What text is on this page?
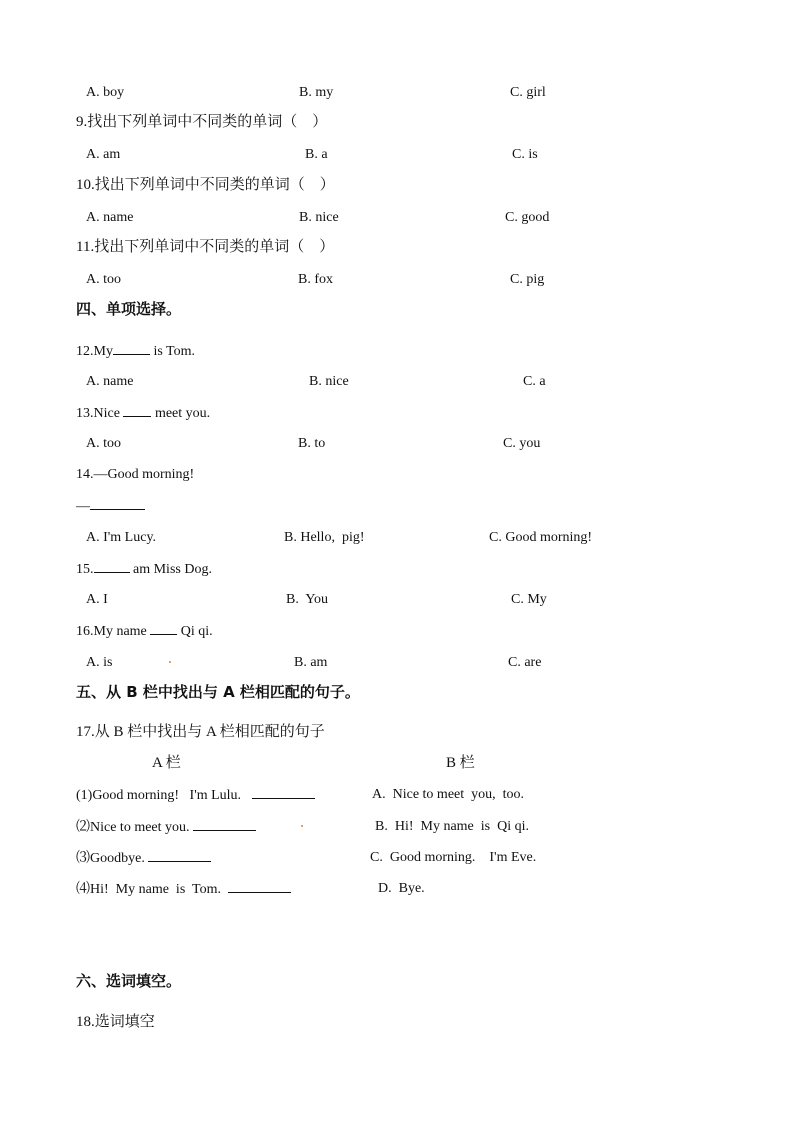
A. boy	B. my	C. girl
9.找出下列单词中不同类的单词（    ）
A. am	B. a	C. is
10.找出下列单词中不同类的单词（    ）
A. name	B. nice	C. good
11.找出下列单词中不同类的单词（    ）
A. too	B. fox	C. pig
四、单项选择。
12.My	is Tom.
A. name	B. nice	C. a
13.Nice  meet you.
A. too	B. to	C. you
14.—Good morning!
—
A. I'm Lucy.	B. Hello,  pig!	C. Good morning!
15.	am Miss Dog.
A. I	B.  You	C. My
16.My name  Qi qi.
A. is	B. am	C. are
五、从 B 栏中找出与 A 栏相匹配的句子。
17.从 B 栏中找出与 A 栏相匹配的句子
A 栏	B 栏
(1)Good morning!   I'm Lulu.	A.  Nice to meet  you,  too.
⑵Nice to meet you.	B.  Hi!  My name  is  Qi qi.
⑶Goodbye.	C.  Good morning.    I'm Eve.
⑷Hi!  My name  is  Tom.	D.  Bye.
六、选词填空。
18.选词填空
